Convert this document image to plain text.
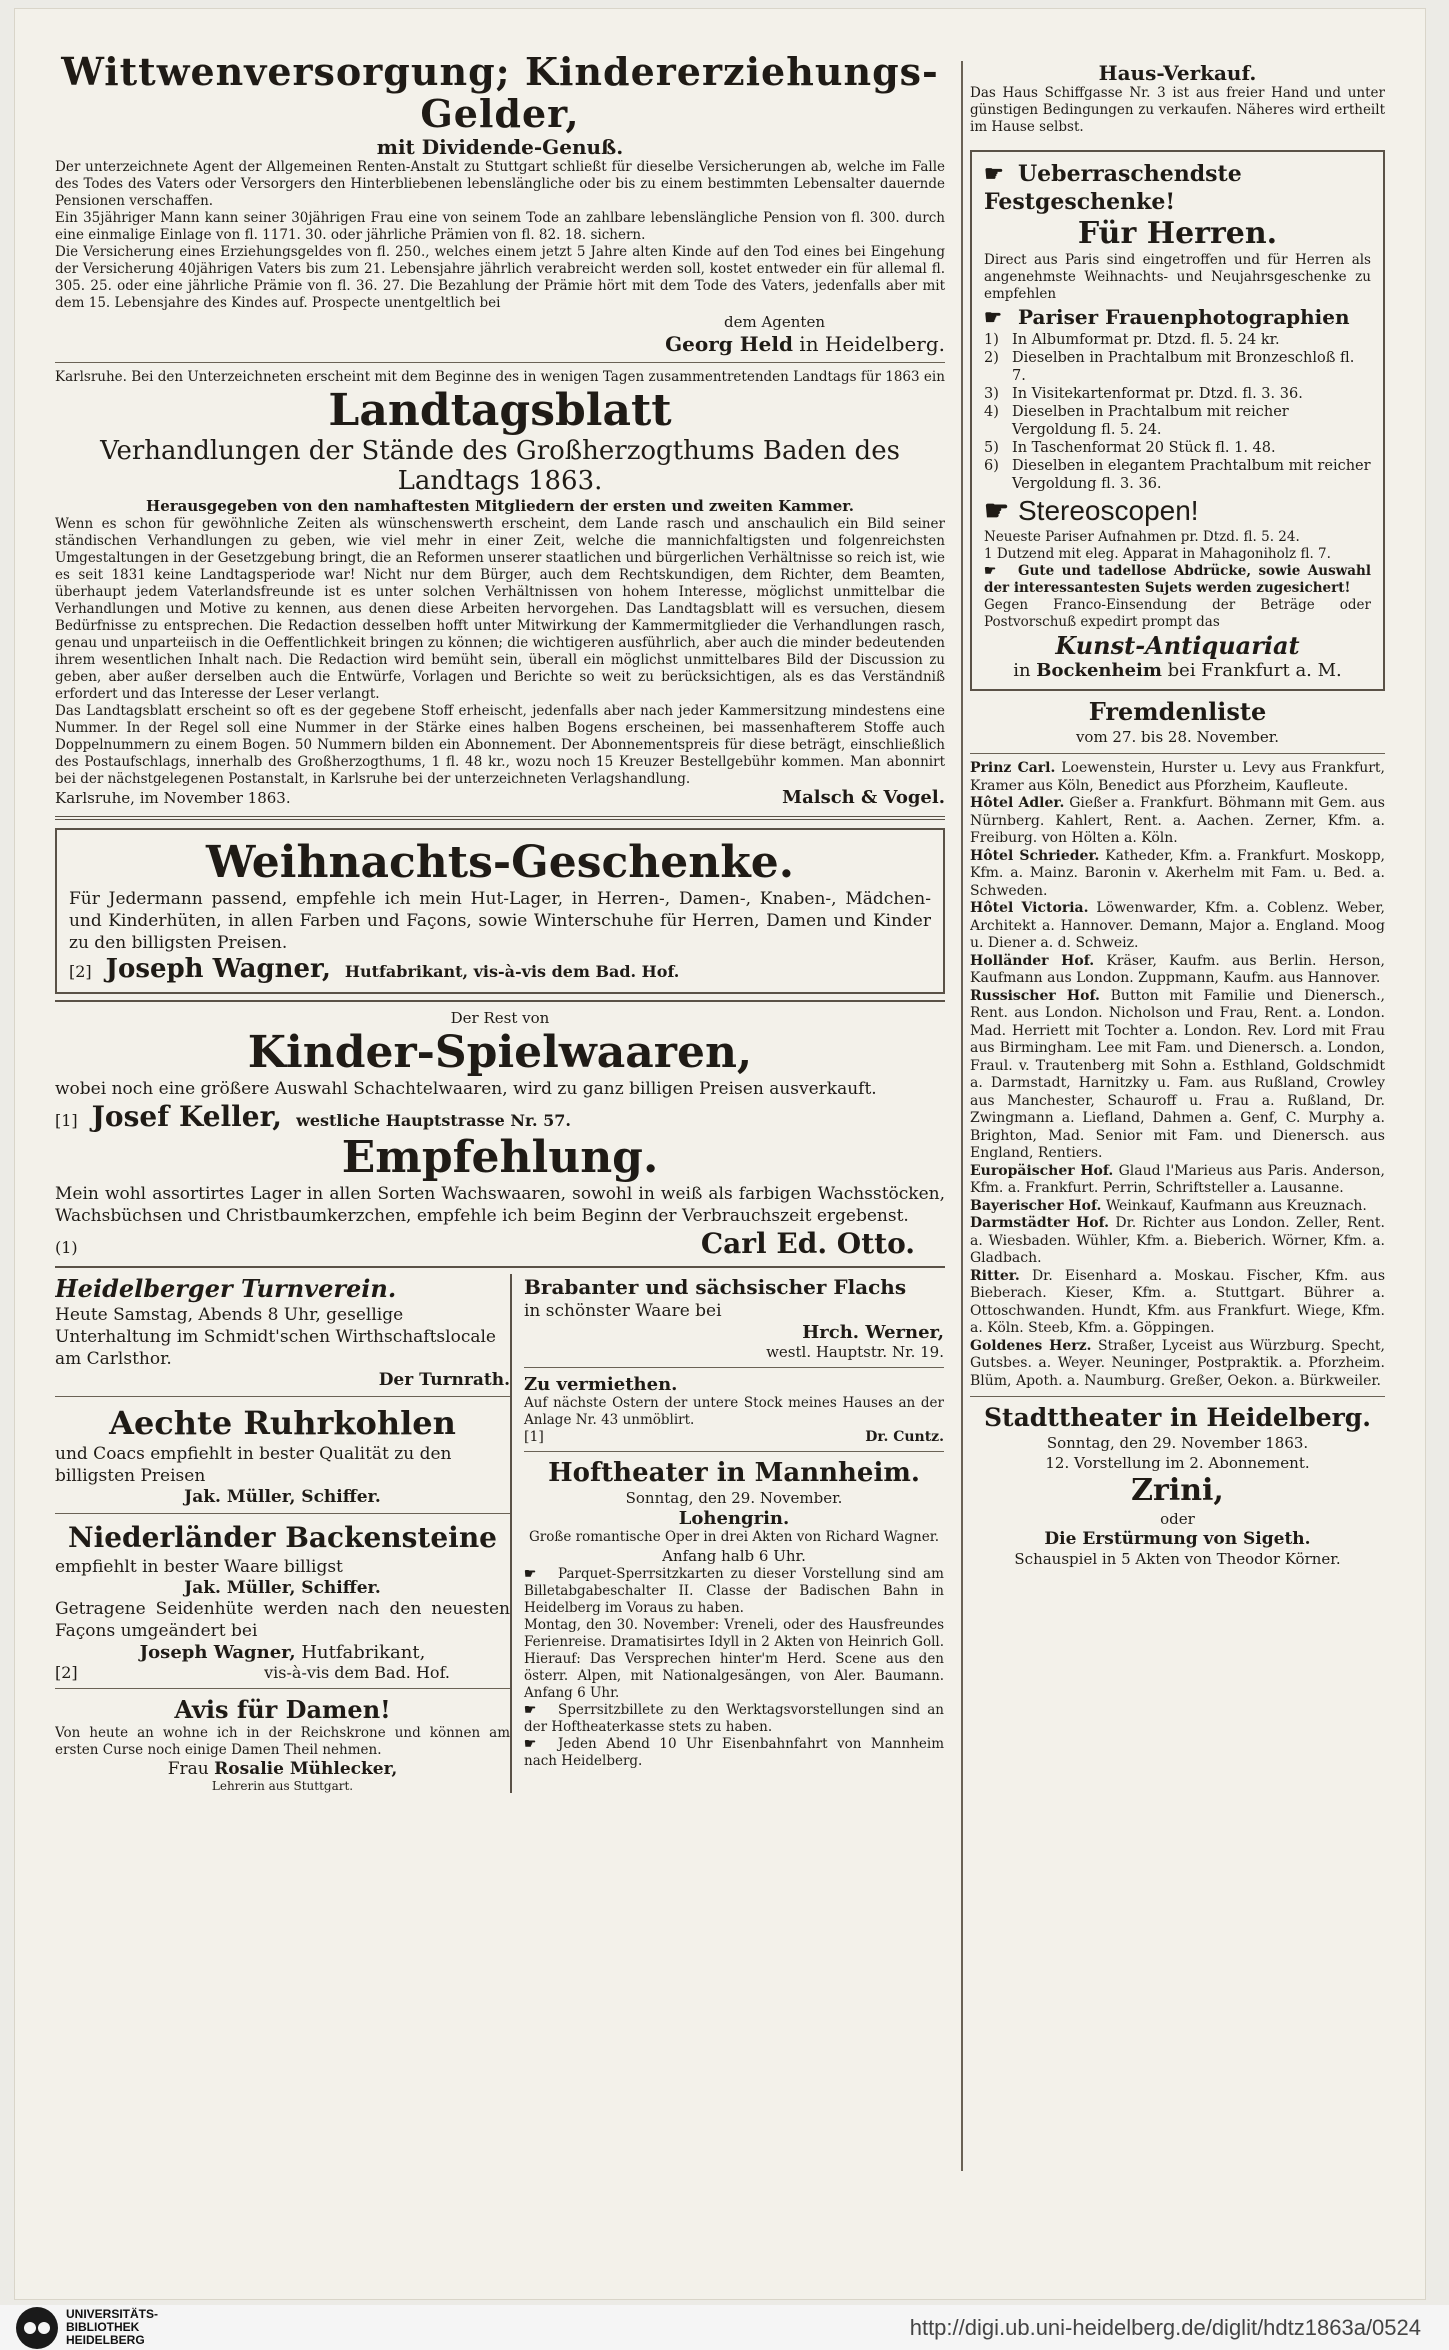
Wittwenversorgung; Kindererziehungs-Gelder,
mit Dividende-Genuß.

Der unterzeichnete Agent der Allgemeinen Renten-Anstalt zu Stuttgart schließt für dieselbe Versicherungen ab, welche im Falle des Todes des Vaters oder Versorgers den Hinterbliebenen lebenslängliche oder bis zu einem bestimmten Lebensalter dauernde Pensionen verschaffen.

Ein 35jähriger Mann kann seiner 30jährigen Frau eine von seinem Tode an zahlbare lebenslängliche Pension von fl. 300. durch eine einmalige Einlage von fl. 1171. 30. oder jährliche Prämien von fl. 82. 18. sichern.

Die Versicherung eines Erziehungsgeldes von fl. 250., welches einem jetzt 5 Jahre alten Kinde auf den Tod eines bei Eingehung der Versicherung 40jährigen Vaters bis zum 21. Lebensjahre jährlich verabreicht werden soll, kostet entweder ein für allemal fl. 305. 25. oder eine jährliche Prämie von fl. 36. 27. Die Bezahlung der Prämie hört mit dem Tode des Vaters, jedenfalls aber mit dem 15. Lebensjahre des Kindes auf. Prospecte unentgeltlich bei

dem Agenten
Georg Held in Heidelberg.

Karlsruhe. Bei den Unterzeichneten erscheint mit dem Beginne des in wenigen Tagen zusammentretenden Landtags für 1863 ein

Landtagsblatt
Verhandlungen der Stände des Großherzogthums Baden des
Landtags 1863.
Herausgegeben von den namhaftesten Mitgliedern der ersten und zweiten Kammer.

Wenn es schon für gewöhnliche Zeiten als wünschenswerth erscheint, dem Lande rasch und anschaulich ein Bild seiner ständischen Verhandlungen zu geben, wie viel mehr in einer Zeit, welche die mannichfaltigsten und folgenreichsten Umgestaltungen in der Gesetzgebung bringt, die an Reformen unserer staatlichen und bürgerlichen Verhältnisse so reich ist, wie es seit 1831 keine Landtagsperiode war! Nicht nur dem Bürger, auch dem Rechtskundigen, dem Richter, dem Beamten, überhaupt jedem Vaterlandsfreunde ist es unter solchen Verhältnissen von hohem Interesse, möglichst unmittelbar die Verhandlungen und Motive zu kennen, aus denen diese Arbeiten hervorgehen. Das Landtagsblatt will es versuchen, diesem Bedürfnisse zu entsprechen. Die Redaction desselben hofft unter Mitwirkung der Kammermitglieder die Verhandlungen rasch, genau und unparteiisch in die Oeffentlichkeit bringen zu können; die wichtigeren ausführlich, aber auch die minder bedeutenden ihrem wesentlichen Inhalt nach. Die Redaction wird bemüht sein, überall ein möglichst unmittelbares Bild der Discussion zu geben, aber außer derselben auch die Entwürfe, Vorlagen und Berichte so weit zu berücksichtigen, als es das Verständniß erfordert und das Interesse der Leser verlangt.

Das Landtagsblatt erscheint so oft es der gegebene Stoff erheischt, jedenfalls aber nach jeder Kammersitzung mindestens eine Nummer. In der Regel soll eine Nummer in der Stärke eines halben Bogens erscheinen, bei massenhafterem Stoffe auch Doppelnummern zu einem Bogen. 50 Nummern bilden ein Abonnement. Der Abonnementspreis für diese beträgt, einschließlich des Postaufschlags, innerhalb des Großherzogthums, 1 fl. 48 kr., wozu noch 15 Kreuzer Bestellgebühr kommen. Man abonnirt bei der nächstgelegenen Postanstalt, in Karlsruhe bei der unterzeichneten Verlagshandlung.

Karlsruhe, im November 1863.	Malsch & Vogel.
Weihnachts-Geschenke.

Für Jedermann passend, empfehle ich mein Hut-Lager, in Herren-, Damen-, Knaben-, Mädchen- und Kinderhüten, in allen Farben und Façons, sowie Winterschuhe für Herren, Damen und Kinder zu den billigsten Preisen.

[2] Joseph Wagner, Hutfabrikant, vis-à-vis dem Bad. Hof.
Der Rest von
Kinder-Spielwaaren,

wobei noch eine größere Auswahl Schachtelwaaren, wird zu ganz billigen Preisen ausverkauft.

[1] Josef Keller, westliche Hauptstrasse Nr. 57.
Empfehlung.

Mein wohl assortirtes Lager in allen Sorten Wachswaaren, sowohl in weiß als farbigen Wachsstöcken, Wachsbüchsen und Christbaumkerzchen, empfehle ich beim Beginn der Verbrauchszeit ergebenst.

(1)	Carl Ed. Otto.
Heidelberger Turnverein.

Heute Samstag, Abends 8 Uhr, gesellige Unterhaltung im Schmidt'schen Wirthschaftslocale am Carlsthor.

Der Turnrath.
Aechte Ruhrkohlen

und Coacs empfiehlt in bester Qualität zu den billigsten Preisen

Jak. Müller, Schiffer.
Niederländer Backensteine

empfiehlt in bester Waare billigst

Jak. Müller, Schiffer.

Getragene Seidenhüte werden nach den neuesten Façons umgeändert bei

Joseph Wagner, Hutfabrikant,
[2]	vis-à-vis dem Bad. Hof.
Avis für Damen!

Von heute an wohne ich in der Reichskrone und können am ersten Curse noch einige Damen Theil nehmen.

Frau Rosalie Mühlecker,
Lehrerin aus Stuttgart.
Brabanter und sächsischer Flachs

in schönster Waare bei

Hrch. Werner,
westl. Hauptstr. Nr. 19.
Zu vermiethen.

Auf nächste Ostern der untere Stock meines Hauses an der Anlage Nr. 43 unmöblirt.

[1]	Dr. Cuntz.
Hoftheater in Mannheim.
Sonntag, den 29. November.
Lohengrin.

Große romantische Oper in drei Akten von Richard Wagner.

Anfang halb 6 Uhr.

☛ Parquet-Sperrsitzkarten zu dieser Vorstellung sind am Billetabgabeschalter II. Classe der Badischen Bahn in Heidelberg im Voraus zu haben.

Montag, den 30. November: Vreneli, oder des Hausfreundes Ferienreise. Dramatisirtes Idyll in 2 Akten von Heinrich Goll. Hierauf: Das Versprechen hinter'm Herd. Scene aus den österr. Alpen, mit Nationalgesängen, von Aler. Baumann. Anfang 6 Uhr.

☛ Sperrsitzbillete zu den Werktagsvorstellungen sind an der Hoftheaterkasse stets zu haben.

☛ Jeden Abend 10 Uhr Eisenbahnfahrt von Mannheim nach Heidelberg.

Haus-Verkauf.

Das Haus Schiffgasse Nr. 3 ist aus freier Hand und unter günstigen Bedingungen zu verkaufen. Näheres wird ertheilt im Hause selbst.

☛ Ueberraschendste Festgeschenke!
Für Herren.

Direct aus Paris sind eingetroffen und für Herren als angenehmste Weihnachts- und Neujahrsgeschenke zu empfehlen

☛ Pariser Frauenphotographien
1) In Albumformat pr. Dtzd. fl. 5. 24 kr.
2) Dieselben in Prachtalbum mit Bronzeschloß fl. 7.
3) In Visitekartenformat pr. Dtzd. fl. 3. 36.
4) Dieselben in Prachtalbum mit reicher Vergoldung fl. 5. 24.
5) In Taschenformat 20 Stück fl. 1. 48.
6) Dieselben in elegantem Prachtalbum mit reicher Vergoldung fl. 3. 36.
☛ Stereoscopen!

Neueste Pariser Aufnahmen pr. Dtzd. fl. 5. 24.

1 Dutzend mit eleg. Apparat in Mahagoniholz fl. 7.

☛ Gute und tadellose Abdrücke, sowie Auswahl der interessantesten Sujets werden zugesichert!

Gegen Franco-Einsendung der Beträge oder Postvorschuß expedirt prompt das

Kunst-Antiquariat
in Bockenheim bei Frankfurt a. M.
Fremdenliste
vom 27. bis 28. November.

Prinz Carl. Loewenstein, Hurster u. Levy aus Frankfurt, Kramer aus Köln, Benedict aus Pforzheim, Kaufleute.

Hôtel Adler. Gießer a. Frankfurt. Böhmann mit Gem. aus Nürnberg. Kahlert, Rent. a. Aachen. Zerner, Kfm. a. Freiburg. von Hölten a. Köln.

Hôtel Schrieder. Katheder, Kfm. a. Frankfurt. Moskopp, Kfm. a. Mainz. Baronin v. Akerhelm mit Fam. u. Bed. a. Schweden.

Hôtel Victoria. Löwenwarder, Kfm. a. Coblenz. Weber, Architekt a. Hannover. Demann, Major a. England. Moog u. Diener a. d. Schweiz.

Holländer Hof. Kräser, Kaufm. aus Berlin. Herson, Kaufmann aus London. Zuppmann, Kaufm. aus Hannover.

Russischer Hof. Button mit Familie und Dienersch., Rent. aus London. Nicholson und Frau, Rent. a. London. Mad. Herriett mit Tochter a. London. Rev. Lord mit Frau aus Birmingham. Lee mit Fam. und Dienersch. a. London, Fraul. v. Trautenberg mit Sohn a. Esthland, Goldschmidt a. Darmstadt, Harnitzky u. Fam. aus Rußland, Crowley aus Manchester, Schauroff u. Frau a. Rußland, Dr. Zwingmann a. Liefland, Dahmen a. Genf, C. Murphy a. Brighton, Mad. Senior mit Fam. und Dienersch. aus England, Rentiers.

Europäischer Hof. Glaud l'Marieus aus Paris. Anderson, Kfm. a. Frankfurt. Perrin, Schriftsteller a. Lausanne.

Bayerischer Hof. Weinkauf, Kaufmann aus Kreuznach.

Darmstädter Hof. Dr. Richter aus London. Zeller, Rent. a. Wiesbaden. Wühler, Kfm. a. Bieberich. Wörner, Kfm. a. Gladbach.

Ritter. Dr. Eisenhard a. Moskau. Fischer, Kfm. aus Bieberach. Kieser, Kfm. a. Stuttgart. Bührer a. Ottoschwanden. Hundt, Kfm. aus Frankfurt. Wiege, Kfm. a. Köln. Steeb, Kfm. a. Göppingen.

Goldenes Herz. Straßer, Lyceist aus Würzburg. Specht, Gutsbes. a. Weyer. Neuninger, Postpraktik. a. Pforzheim. Blüm, Apoth. a. Naumburg. Greßer, Oekon. a. Bürkweiler.

Stadttheater in Heidelberg.
Sonntag, den 29. November 1863.
12. Vorstellung im 2. Abonnement.
Zrini,
oder
Die Erstürmung von Sigeth.
Schauspiel in 5 Akten von Theodor Körner.
UNIVERSITÄTS-
BIBLIOTHEK
HEIDELBERG
http://digi.ub.uni-heidelberg.de/diglit/hdtz1863a/0524
